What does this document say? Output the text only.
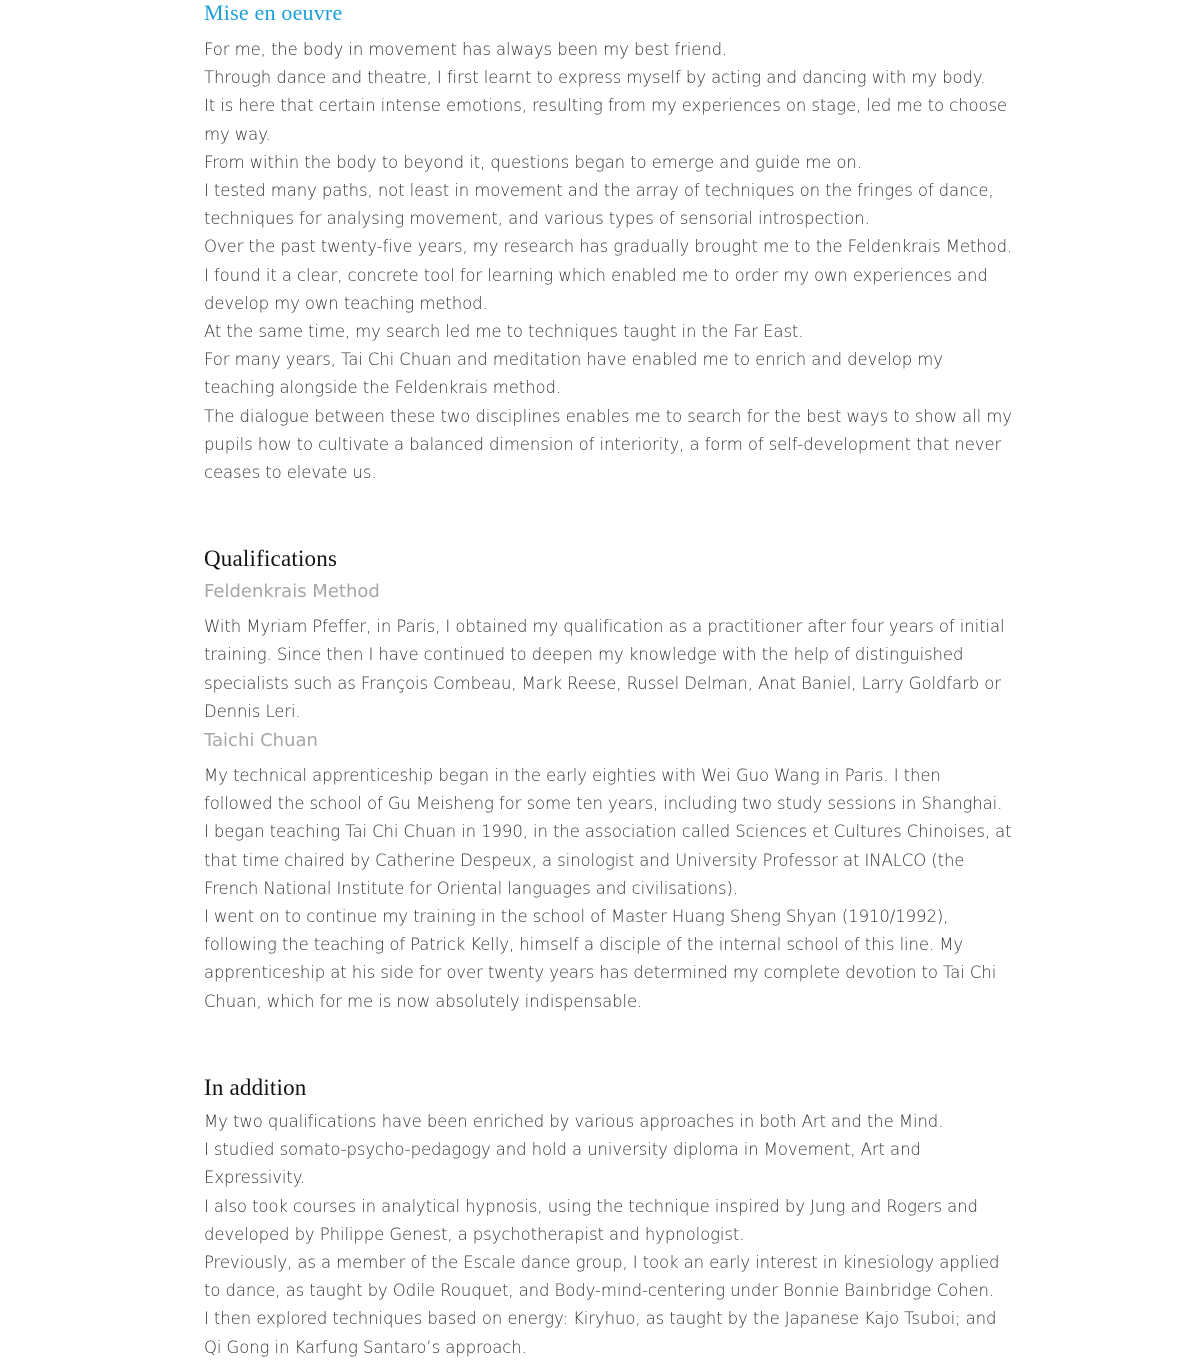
Mise en oeuvre

For me, the body in movement has always been my best friend.

Through dance and theatre, I first learnt to express myself by acting and dancing with my body.

It is here that certain intense emotions, resulting from my experiences on stage, led me to choose my way.

From within the body to beyond it, questions began to emerge and guide me on.

I tested many paths, not least in movement and the array of techniques on the fringes of dance, techniques for analysing movement, and various types of sensorial introspection.

Over the past twenty-five years, my research has gradually brought me to the Feldenkrais Method. I found it a clear, concrete tool for learning which enabled me to order my own experiences and develop my own teaching method.

At the same time, my search led me to techniques taught in the Far East.

For many years, Tai Chi Chuan and meditation have enabled me to enrich and develop my teaching alongside the Feldenkrais method.

The dialogue between these two disciplines enables me to search for the best ways to show all my pupils how to cultivate a balanced dimension of interiority, a form of self-development that never ceases to elevate us.

Qualifications
Feldenkrais Method

With Myriam Pfeffer, in Paris, I obtained my qualification as a practitioner after four years of initial training. Since then I have continued to deepen my knowledge with the help of distinguished specialists such as François Combeau, Mark Reese, Russel Delman, Anat Baniel, Larry Goldfarb or Dennis Leri.

Taichi Chuan

My technical apprenticeship began in the early eighties with Wei Guo Wang in Paris. I then followed the school of Gu Meisheng for some ten years, including two study sessions in Shanghai.

I began teaching Tai Chi Chuan in 1990, in the association called Sciences et Cultures Chinoises, at that time chaired by Catherine Despeux, a sinologist and University Professor at INALCO (the French National Institute for Oriental languages and civilisations).

I went on to continue my training in the school of Master Huang Sheng Shyan (1910/1992), following the teaching of Patrick Kelly, himself a disciple of the internal school of this line. My apprenticeship at his side for over twenty years has determined my complete devotion to Tai Chi Chuan, which for me is now absolutely indispensable.

In addition

My two qualifications have been enriched by various approaches in both Art and the Mind.

I studied somato-psycho-pedagogy and hold a university diploma in Movement, Art and Expressivity.

I also took courses in analytical hypnosis, using the technique inspired by Jung and Rogers and developed by Philippe Genest, a psychotherapist and hypnologist.

Previously, as a member of the Escale dance group, I took an early interest in kinesiology applied to dance, as taught by Odile Rouquet, and Body-mind-centering under Bonnie Bainbridge Cohen.

I then explored techniques based on energy: Kiryhuo, as taught by the Japanese Kajo Tsuboi; and Qi Gong in Karfung Santaro’s approach.
